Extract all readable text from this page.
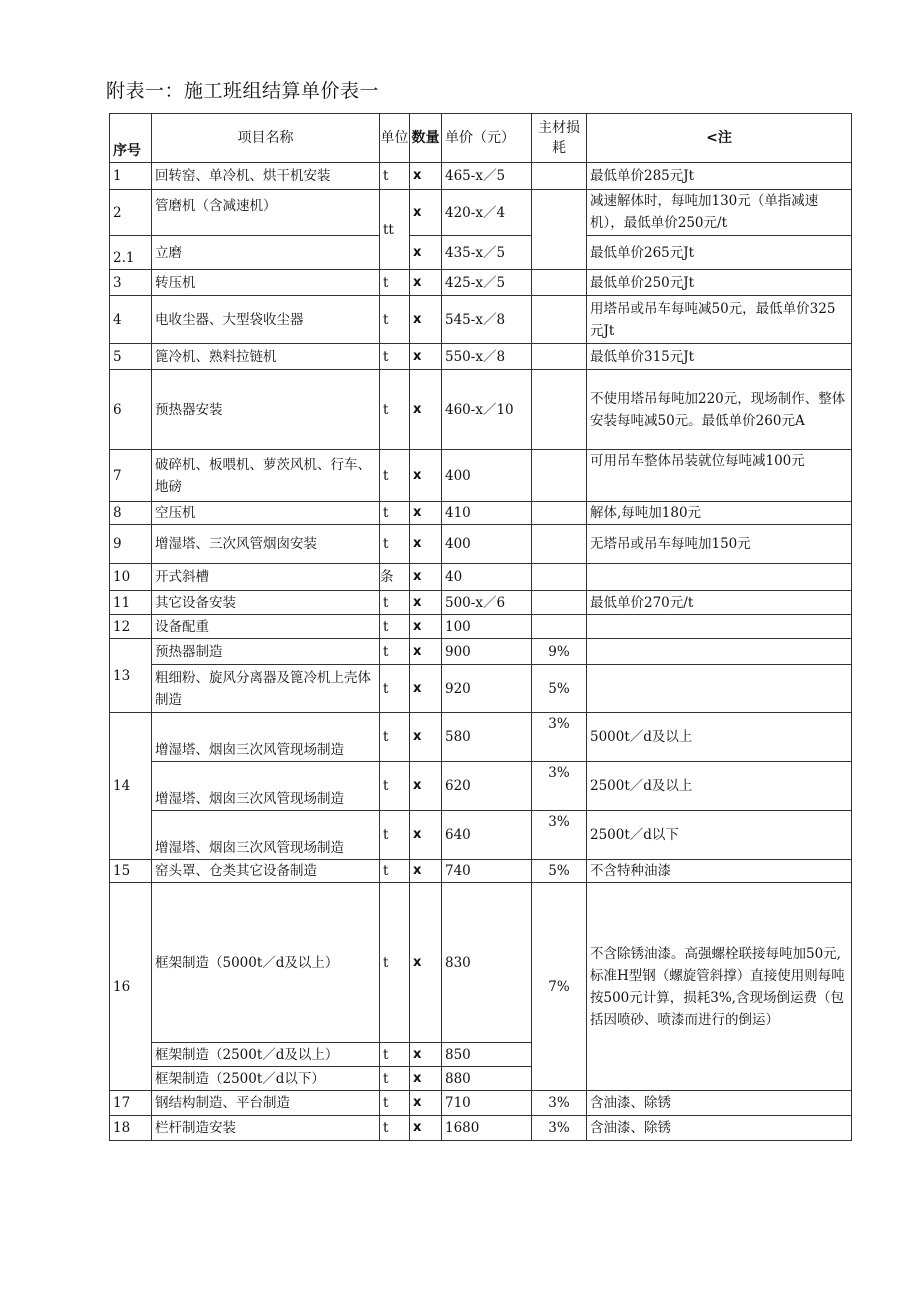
附表一：施工班组结算单价表一
序号	项目名称	单位	数量	单价（元）	主材损耗	<注
1	回转窑、单冷机、烘干机安装	t	x	465-x／5		最低单价285元Jt
2	管磨机（含减速机）	tt	x	420-x／4		减速解体时，每吨加130元（单指减速机），最低单价250元/t
2.1	立磨		x	435-x／5		最低单价265元Jt
3	转压机	t	x	425-x／5		最低单价250元Jt
4	电收尘器、大型袋收尘器	t	x	545-x／8		用塔吊或吊车每吨减50元，最低单价325元Jt
5	篦冷机、熟料拉链机	t	x	550-x／8		最低单价315元Jt
6	预热器安装	t	x	460-x／10		不使用塔吊每吨加220元，现场制作、整体安装每吨减50元。最低单价260元A
7	破碎机、板喂机、萝茨风机、行车、地磅	t	x	400		可用吊车整体吊装就位每吨减100元
8	空压机	t	x	410		解体,每吨加180元
9	增湿塔、三次风管烟囱安装	t	x	400		无塔吊或吊车每吨加150元
10	开式斜槽	条	x	40		
11	其它设备安装	t	x	500-x／6		最低单价270元/t
12	设备配重	t	x	100		
13	预热器制造	t	x	900	9%	
	粗细粉、旋风分离器及篦冷机上壳体制造	t	x	920	5%	
14	增湿塔、烟囱三次风管现场制造	t	x	580	3%	5000t／d及以上
	增湿塔、烟囱三次风管现场制造	t	x	620	3%	2500t／d及以上
	增湿塔、烟囱三次风管现场制造	t	x	640	3%	2500t／d以下
15	窑头罩、仓类其它设备制造	t	x	740	5%	不含特种油漆
16	框架制造（5000t／d及以上）	t	x	830	7%	不含除锈油漆。高强螺栓联接每吨加50元,标准H型钢（螺旋管斜撑）直接使用则每吨按500元计算，损耗3%,含现场倒运费（包括因喷砂、喷漆而进行的倒运）
	框架制造（2500t／d及以上）	t	x	850		
	框架制造（2500t／d以下）	t	x	880		
17	钢结构制造、平台制造	t	x	710	3%	含油漆、除锈
18	栏杆制造安装	t	x	1680	3%	含油漆、除锈
